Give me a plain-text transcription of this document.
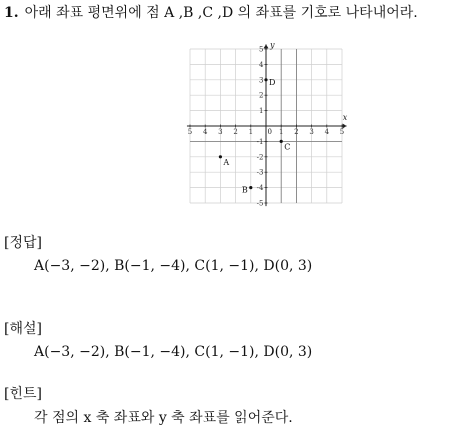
1. 아래 좌표 평면위에 점 A ,B ,C ,D 의 좌표를 기호로 나타내어라.
x
y
0
5 4 3 2 1	1 2 3 4 5
-5
-4
-3
-2
-1
1
2
3
4
5
A
B
C
D
[정답]
A(−3, −2), B(−1, −4), C(1, −1), D(0, 3)
[해설]
A(−3, −2), B(−1, −4), C(1, −1), D(0, 3)
[힌트]
각 점의 x 축 좌표와 y 축 좌표를 읽어준다.
